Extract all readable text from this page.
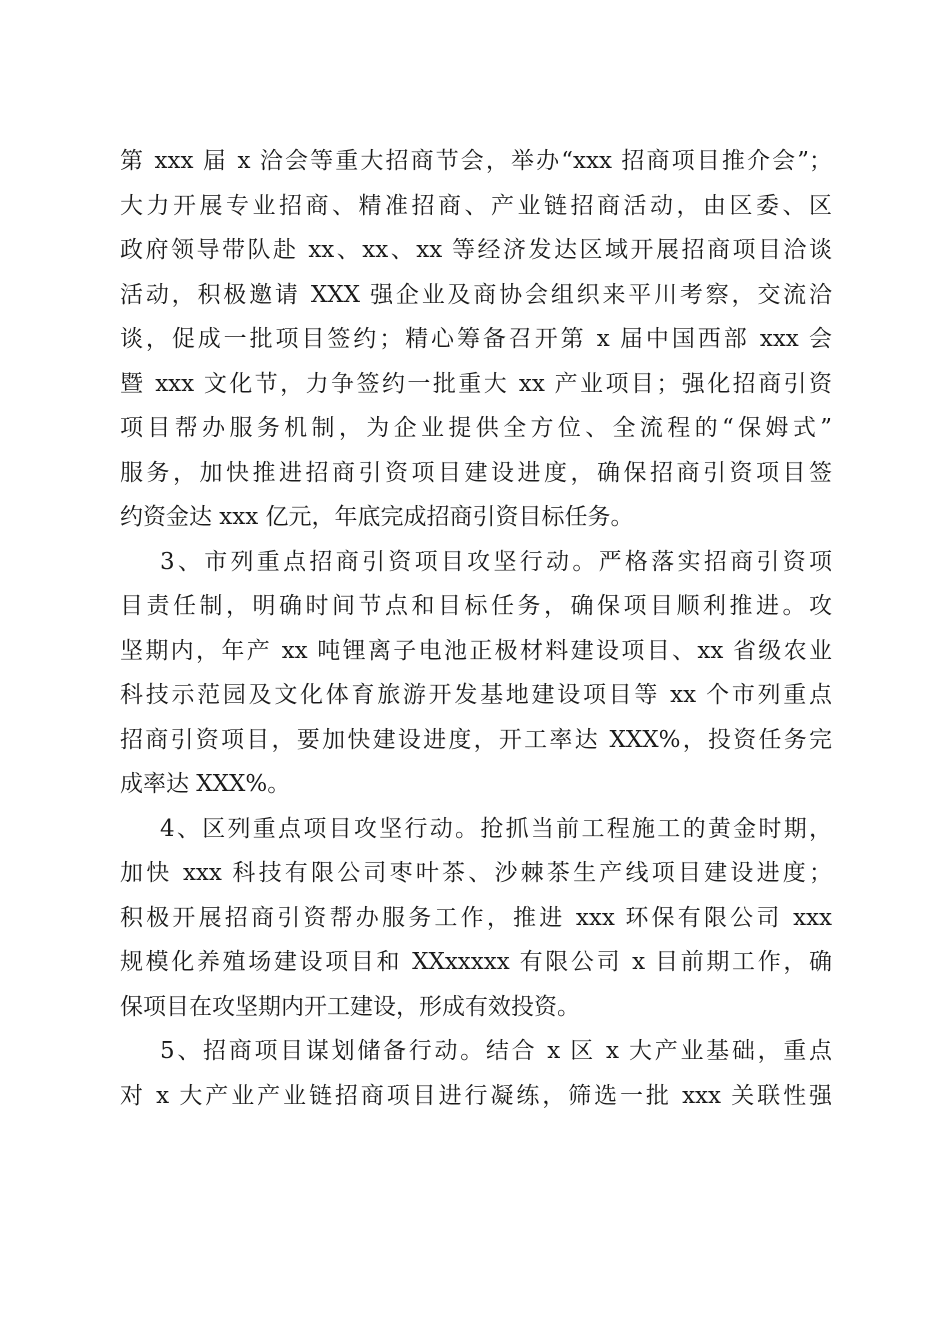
第 xxx 届 x 洽会等重大招商节会，举办“xxx 招商项目推介会”；
大力开展专业招商、精准招商、产业链招商活动，由区委、区
政府领导带队赴 xx、xx、xx 等经济发达区域开展招商项目洽谈
活动，积极邀请 XXX 强企业及商协会组织来平川考察，交流洽
谈，促成一批项目签约；精心筹备召开第 x 届中国西部 xxx 会
暨 xxx 文化节，力争签约一批重大 xx 产业项目；强化招商引资
项目帮办服务机制，为企业提供全方位、全流程的“保姆式”
服务，加快推进招商引资项目建设进度，确保招商引资项目签
约资金达 xxx 亿元，年底完成招商引资目标任务。
3、市列重点招商引资项目攻坚行动。严格落实招商引资项
目责任制，明确时间节点和目标任务，确保项目顺利推进。攻
坚期内，年产 xx 吨锂离子电池正极材料建设项目、xx 省级农业
科技示范园及文化体育旅游开发基地建设项目等 xx 个市列重点
招商引资项目，要加快建设进度，开工率达 XXX%，投资任务完
成率达 XXX%。
4、区列重点项目攻坚行动。抢抓当前工程施工的黄金时期，
加快 xxx 科技有限公司枣叶茶、沙棘茶生产线项目建设进度；
积极开展招商引资帮办服务工作，推进 xxx 环保有限公司 xxx
规模化养殖场建设项目和 XXxxxxx 有限公司 x 目前期工作，确
保项目在攻坚期内开工建设，形成有效投资。
5、招商项目谋划储备行动。结合 x 区 x 大产业基础，重点
对 x 大产业产业链招商项目进行凝练，筛选一批 xxx 关联性强
